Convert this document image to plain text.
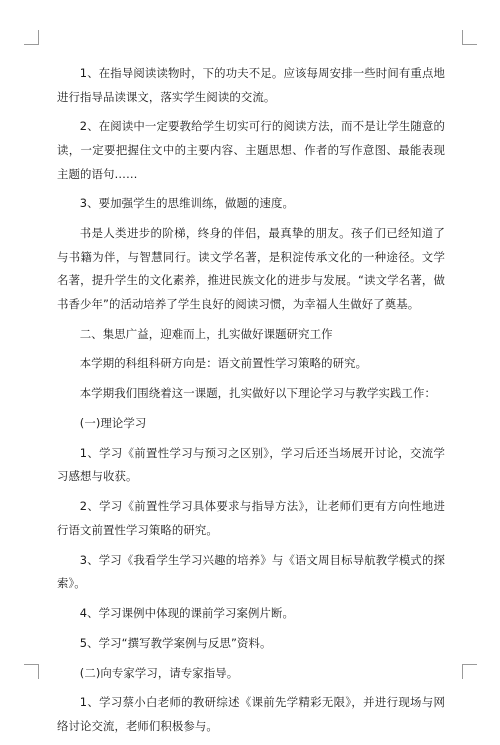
1、在指导阅读读物时，下的功夫不足。应该每周安排一些时间有重点地进行指导品读课文，落实学生阅读的交流。

2、在阅读中一定要教给学生切实可行的阅读方法，而不是让学生随意的读，一定要把握住文中的主要内容、主题思想、作者的写作意图、最能表现主题的语句……

3、要加强学生的思维训练，做题的速度。

书是人类进步的阶梯，终身的伴侣，最真挚的朋友。孩子们已经知道了与书籍为伴，与智慧同行。读文学名著，是积淀传承文化的一种途径。文学名著，提升学生的文化素养，推进民族文化的进步与发展。“读文学名著，做书香少年”的活动培养了学生良好的阅读习惯，为幸福人生做好了奠基。

二、集思广益，迎难而上，扎实做好课题研究工作

本学期的科组科研方向是：语文前置性学习策略的研究。

本学期我们围绕着这一课题，扎实做好以下理论学习与教学实践工作：

(一)理论学习

1、学习《前置性学习与预习之区别》，学习后还当场展开讨论，交流学习感想与收获。

2、学习《前置性学习具体要求与指导方法》，让老师们更有方向性地进行语文前置性学习策略的研究。

3、学习《我看学生学习兴趣的培养》与《语文周目标导航教学模式的探索》。

4、学习课例中体现的课前学习案例片断。

5、学习“撰写教学案例与反思”资料。

(二)向专家学习，请专家指导。

1、学习蔡小白老师的教研综述《课前先学精彩无限》，并进行现场与网络讨论交流，老师们积极参与。
